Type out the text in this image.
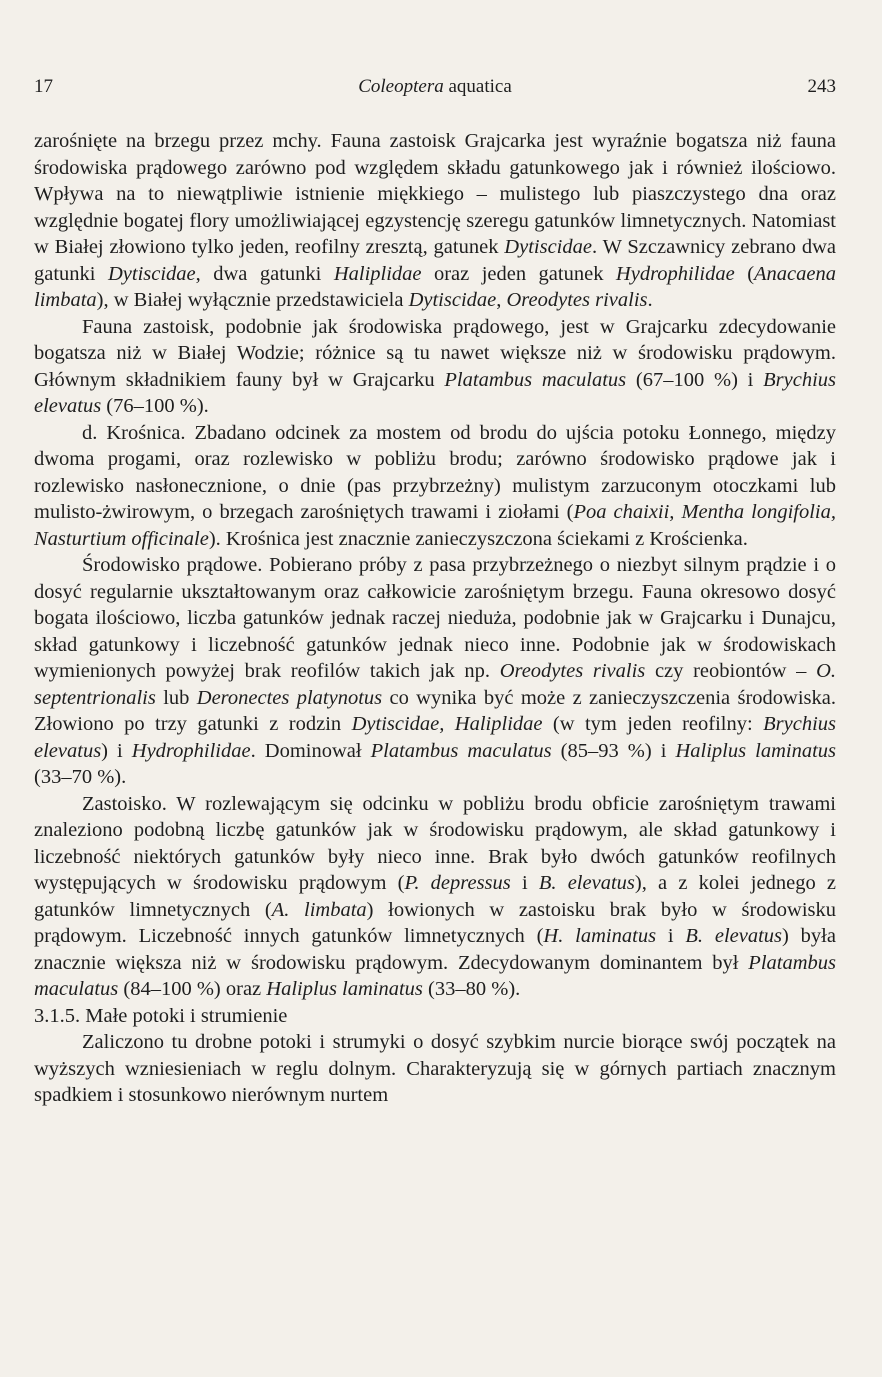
17	Coleoptera aquatica	243

zarośnięte na brzegu przez mchy. Fauna zastoisk Grajcarka jest wyraźnie bogatsza niż fauna środowiska prądowego zarówno pod względem składu gatunkowego jak i również ilościowo. Wpływa na to niewątpliwie istnienie miękkiego – mulistego lub piaszczystego dna oraz względnie bogatej flory umożliwiającej egzystencję szeregu gatunków limnetycznych. Natomiast w Białej złowiono tylko jeden, reofilny zresztą, gatunek Dytiscidae. W Szczawnicy zebrano dwa gatunki Dytiscidae, dwa gatunki Haliplidae oraz jeden gatunek Hydrophilidae (Anacaena limbata), w Białej wyłącznie przedstawiciela Dytiscidae, Oreodytes rivalis.

Fauna zastoisk, podobnie jak środowiska prądowego, jest w Grajcarku zdecydowanie bogatsza niż w Białej Wodzie; różnice są tu nawet większe niż w środowisku prądowym. Głównym składnikiem fauny był w Grajcarku Platambus maculatus (67–100 %) i Brychius elevatus (76–100 %).

d. Krośnica. Zbadano odcinek za mostem od brodu do ujścia potoku Łonnego, między dwoma progami, oraz rozlewisko w pobliżu brodu; zarówno środowisko prądowe jak i rozlewisko nasłonecznione, o dnie (pas przybrzeżny) mulistym zarzuconym otoczkami lub mulisto-żwirowym, o brzegach zarośniętych trawami i ziołami (Poa chaixii, Mentha longifolia, Nasturtium officinale). Krośnica jest znacznie zanieczyszczona ściekami z Krościenka.

Środowisko prądowe. Pobierano próby z pasa przybrzeżnego o niezbyt silnym prądzie i o dosyć regularnie ukształtowanym oraz całkowicie zarośniętym brzegu. Fauna okresowo dosyć bogata ilościowo, liczba gatunków jednak raczej nieduża, podobnie jak w Grajcarku i Dunajcu, skład gatunkowy i liczebność gatunków jednak nieco inne. Podobnie jak w środowiskach wymienionych powyżej brak reofilów takich jak np. Oreodytes rivalis czy reobiontów – O. septentrionalis lub Deronectes platynotus co wynika być może z zanieczyszczenia środowiska. Złowiono po trzy gatunki z rodzin Dytiscidae, Haliplidae (w tym jeden reofilny: Brychius elevatus) i Hydrophilidae. Dominował Platambus maculatus (85–93 %) i Haliplus laminatus (33–70 %).

Zastoisko. W rozlewającym się odcinku w pobliżu brodu obficie zarośniętym trawami znaleziono podobną liczbę gatunków jak w środowisku prądowym, ale skład gatunkowy i liczebność niektórych gatunków były nieco inne. Brak było dwóch gatunków reofilnych występujących w środowisku prądowym (P. depressus i B. elevatus), a z kolei jednego z gatunków limnetycznych (A. limbata) łowionych w zastoisku brak było w środowisku prądowym. Liczebność innych gatunków limnetycznych (H. laminatus i B. elevatus) była znacznie większa niż w środowisku prądowym. Zdecydowanym dominantem był Platambus maculatus (84–100 %) oraz Haliplus laminatus (33–80 %).

3.1.5. Małe potoki i strumienie

Zaliczono tu drobne potoki i strumyki o dosyć szybkim nurcie biorące swój początek na wyższych wzniesieniach w reglu dolnym. Charakteryzują się w górnych partiach znacznym spadkiem i stosunkowo nierównym nurtem
